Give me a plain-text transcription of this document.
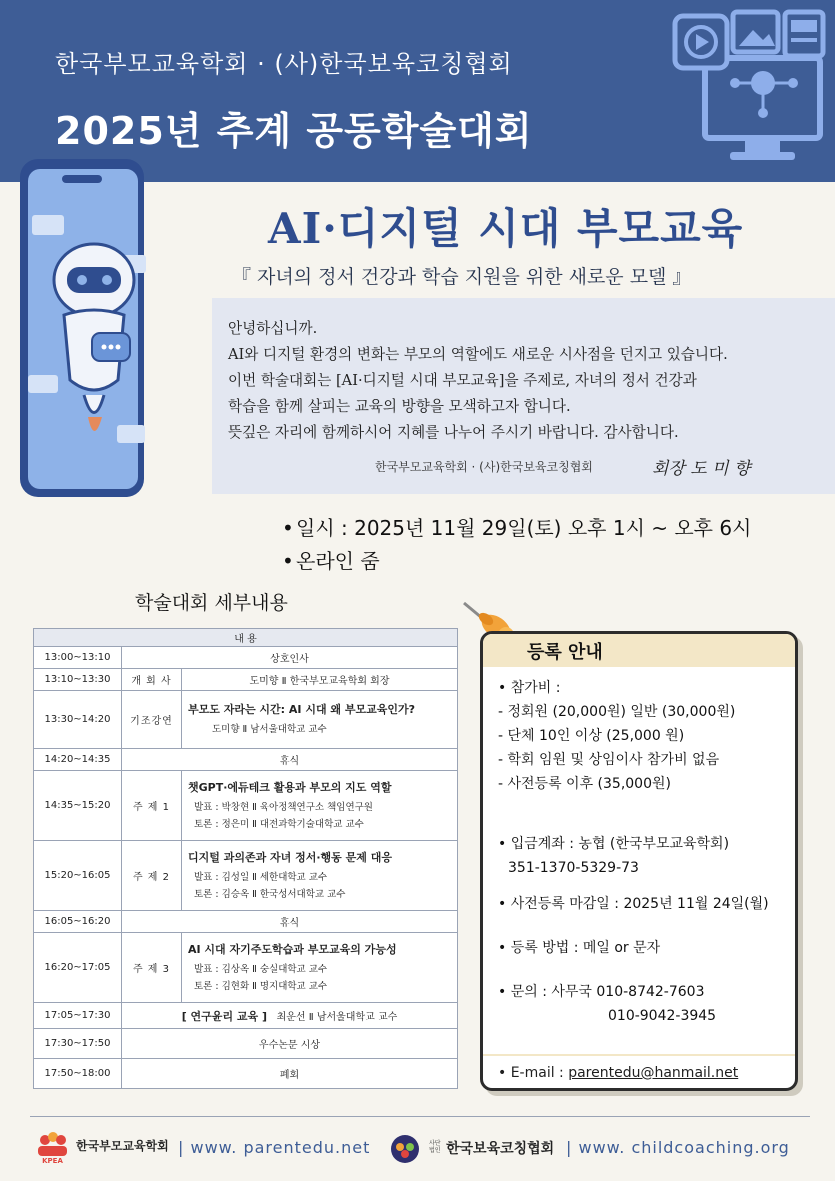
한국부모교육학회 · (사)한국보육코칭협회
2025년 추계 공동학술대회
AI·디지털 시대 부모교육
『 자녀의 정서 건강과 학습 지원을 위한 새로운 모델 』

안녕하십니까.

AI와 디지털 환경의 변화는 부모의 역할에도 새로운 시사점을 던지고 있습니다.

이번 학술대회는 [AI·디지털 시대 부모교육]을 주제로, 자녀의 정서 건강과

학습을 함께 살피는 교육의 방향을 모색하고자 합니다.

뜻깊은 자리에 함께하시어 지혜를 나누어 주시기 바랍니다. 감사합니다.

한국부모교육학회 · (사)한국보육코칭협회	회장 도 미 향
• 일시 : 2025년 11월 29일(토) 오후 1시 ~ 오후 6시
• 온라인 줌
학술대회 세부내용
내 용		
13:00~13:10	상호인사	
13:10~13:30	개 회 사	도미향 Ⅱ 한국부모교육학회 회장
13:30~14:20	기조강연	부모도 자라는 시간: AI 시대 왜 부모교육인가?
도미향 Ⅱ 남서울대학교 교수

14:20~14:35	휴식	
14:35~15:20	주 제 1	챗GPT·에듀테크 활용과 부모의 지도 역할
발표 : 박창현 Ⅱ 육아정책연구소 책임연구원
토론 : 정은미 Ⅱ 대전과학기술대학교 교수

15:20~16:05	주 제 2	디지털 과의존과 자녀 정서·행동 문제 대응
발표 : 김성일 Ⅱ 세한대학교 교수
토론 : 김승옥 Ⅱ 한국성서대학교 교수

16:05~16:20	휴식	
16:20~17:05	주 제 3	AI 시대 자기주도학습과 부모교육의 가능성
발표 : 김상옥 Ⅱ 숭실대학교 교수
토론 : 김현화 Ⅱ 명지대학교 교수

17:05~17:30	[ 연구윤리 교육 ] 최운선 Ⅱ 남서울대학교 교수	
17:30~17:50	우수논문 시상	
17:50~18:00	폐회	
등록 안내
• 참가비 :
- 정회원 (20,000원) 일반 (30,000원)
- 단체 10인 이상 (25,000 원)
- 학회 임원 및 상임이사 참가비 없음
- 사전등록 이후 (35,000원)
• 입금계좌 : 농협 (한국부모교육학회)
351-1370-5329-73
• 사전등록 마감일 : 2025년 11월 24일(월)
• 등록 방법 : 메일 or 문자
• 문의 : 사무국 010-8742-7603
010-9042-3945
• E-mail : parentedu@hanmail.net
KPEA
한국부모교육학회 | www. parentedu.net	사단
법인 한국보육코칭협회 | www. childcoaching.org
